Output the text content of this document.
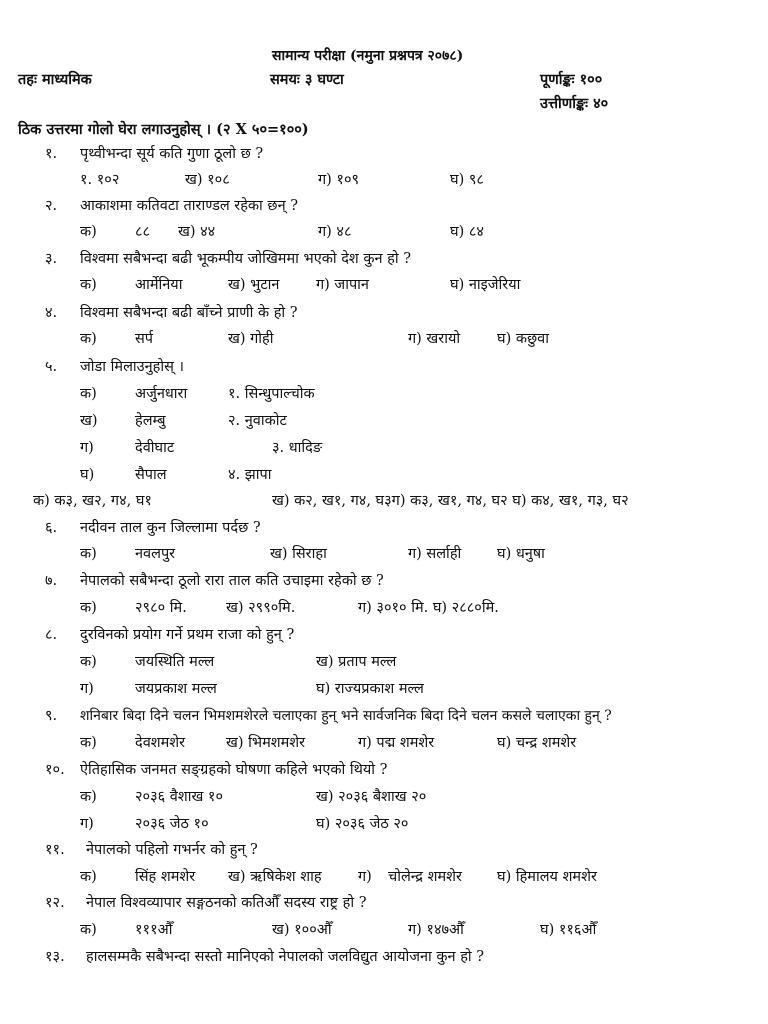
सामान्य परीक्षा (नमुना प्रश्नपत्र २०७८)
तहः माध्यमिक	समयः ३ घण्टा	पूर्णाङ्कः १००
उत्तीर्णाङ्कः ४०
ठिक उत्तरमा गोलो घेरा लगाउनुहोस् । (२ X ५०=१००)
१. पृथ्वीभन्दा सूर्य कति गुणा ठूलो छ ?
१. १०२	ख) १०८	ग) १०९	घ) ९८
२. आकाशमा कतिवटा ताराण्डल रहेका छन् ?
क)	८८ ख) ४४	ग) ४८	घ) ८४
३. विश्वमा सबैभन्दा बढी भूकम्पीय जोखिममा भएको देश कुन हो ?
क)	आर्मेनिया	ख) भुटान	ग) जापान	घ) नाइजेरिया
४. विश्वमा सबैभन्दा बढी बाँच्ने प्राणी के हो ?
क)	सर्प	ख) गोही	ग) खरायो	घ) कछुवा
५. जोडा मिलाउनुहोस् ।
क)	अर्जुनधारा	१. सिन्धुपाल्चोक
ख)	हेलम्बु	२. नुवाकोट
ग)	देवीघाट	३. धादिङ
घ)	सैपाल	४. झापा
क) क३, ख२, ग४, घ१	ख) क२, ख१, ग४, घ३ग) क३, ख१, ग४, घ२ घ) क४, ख१, ग३, घ२
६. नदीवन ताल कुन जिल्लामा पर्दछ ?
क)	नवलपुर	ख) सिराहा	ग) सर्लाही घ) धनुषा
७. नेपालको सबैभन्दा ठूलो रारा ताल कति उचाइमा रहेको छ ?
क)	२९८० मि.	ख) २९९०मि.	ग) ३०१० मि. घ) २८८०मि.
८. दुरविनको प्रयोग गर्ने प्रथम राजा को हुन् ?
क)	जयस्थिति मल्ल	ख) प्रताप मल्ल
ग)	जयप्रकाश मल्ल	घ) राज्यप्रकाश मल्ल
९. शनिबार बिदा दिने चलन भिमशमशेरले चलाएका हुन् भने सार्वजनिक बिदा दिने चलन कसले चलाएका हुन् ?
क)	देवशमशेर	ख) भिमशमशेर	ग) पद्म शमशेर	घ) चन्द्र शमशेर
१०. ऐतिहासिक जनमत सङ्ग्रहको घोषणा कहिले भएको थियो ?
क)	२०३६ वैशाख १०	ख) २०३६ बैशाख २०
ग)	२०३६ जेठ १०	घ) २०३६ जेठ २०
११. नेपालको पहिलो गभर्नर को हुन् ?
क)	सिंह शमशेर ख) ऋषिकेश शाह	ग) चोलेन्द्र शमशेर घ) हिमालय शमशेर
१२. नेपाल विश्वव्यापार सङ्गठनको कतिऔँ सदस्य राष्ट्र हो ?
क)	१११औँ	ख) १००औँ	ग) १४७औँ	घ) ११६औँ
१३. हालसम्मकै सबैभन्दा सस्तो मानिएको नेपालको जलविद्युत आयोजना कुन हो ?
